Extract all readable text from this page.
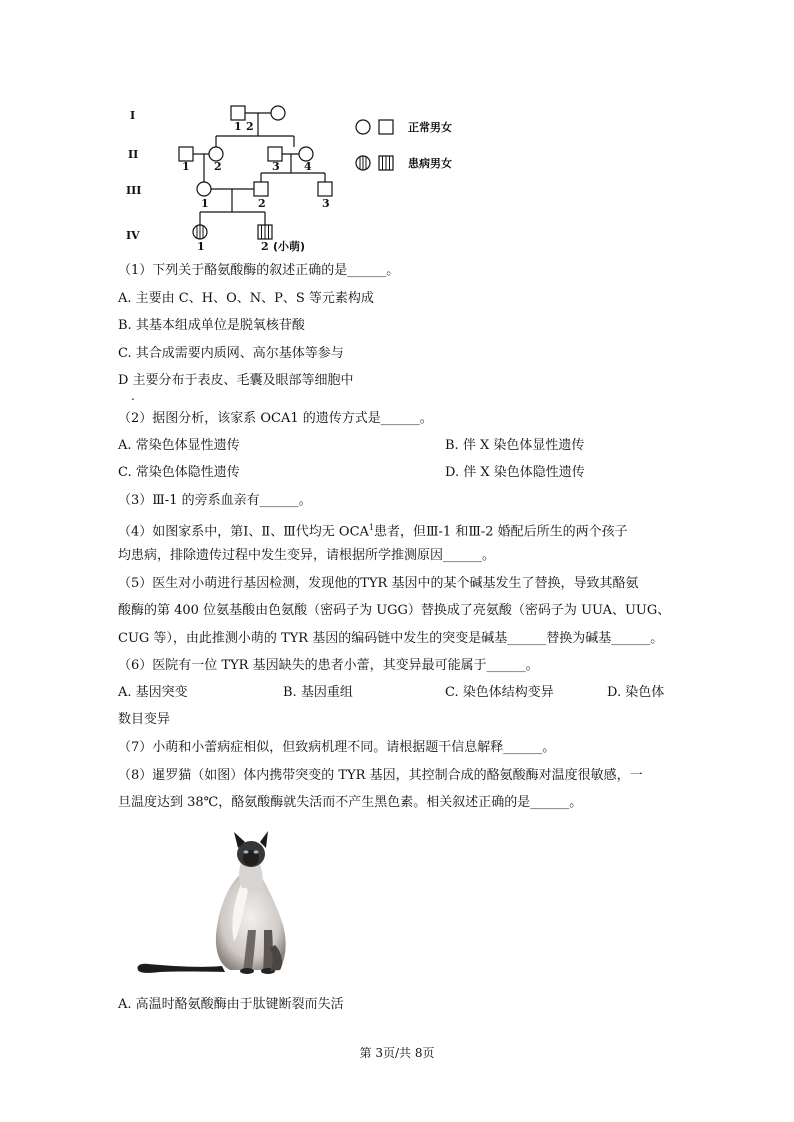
I
II
III
IV
1 2
1 2	3 4
1	2	3
1	2 (小萌)
正常男女
患病男女
（1）下列关于酪氨酸酶的叙述正确的是______。
A. 主要由 C、H、O、N、P、S 等元素构成
B. 其基本组成单位是脱氧核苷酸
C. 其合成需要内质网、高尔基体等参与
D 主要分布于表皮、毛囊及眼部等细胞中
.
（2）据图分析，该家系 OCA1 的遗传方式是______。
A. 常染色体显性遗传	B. 伴 X 染色体显性遗传
C. 常染色体隐性遗传	D. 伴 X 染色体隐性遗传
（3）Ⅲ-1 的旁系血亲有______。
（4）如图家系中，第Ⅰ、Ⅱ、Ⅲ代均无 OCA$^1$患者，但Ⅲ-1 和Ⅲ-2 婚配后所生的两个孩子
均患病，排除遗传过程中发生变异，请根据所学推测原因______。
（5）医生对小萌进行基因检测，发现他的TYR 基因中的某个碱基发生了替换，导致其酪氨
酸酶的第 400 位氨基酸由色氨酸（密码子为 UGG）替换成了亮氨酸（密码子为 UUA、UUG、
CUG 等），由此推测小萌的 TYR 基因的编码链中发生的突变是碱基______替换为碱基______。
（6）医院有一位 TYR 基因缺失的患者小蕾，其变异最可能属于______。
A. 基因突变	B. 基因重组	C. 染色体结构变异	D. 染色体
数目变异
（7）小萌和小蕾病症相似，但致病机理不同。请根据题干信息解释______。
（8）暹罗猫（如图）体内携带突变的 TYR 基因，其控制合成的酪氨酸酶对温度很敏感，一
旦温度达到 38℃，酪氨酸酶就失活而不产生黑色素。相关叙述正确的是______。
A. 高温时酪氨酸酶由于肽键断裂而失活
第 3页/共 8页
